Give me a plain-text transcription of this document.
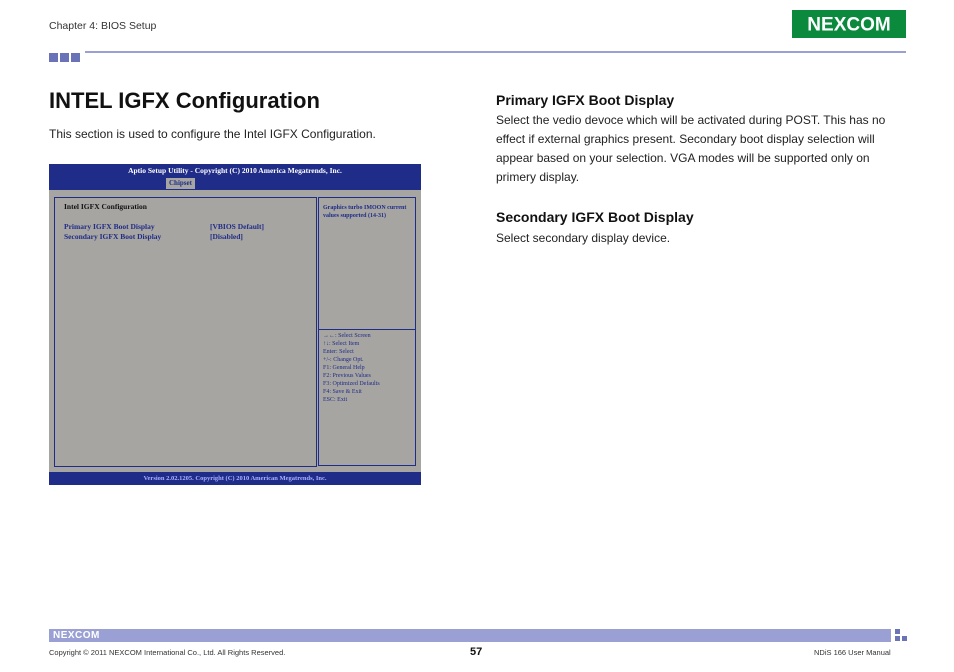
Chapter 4: BIOS Setup	NEXCOM
INTEL IGFX Configuration
This section is used to configure the Intel IGFX Configuration.
Aptio Setup Utility - Copyright (C) 2010 America Megatrends, Inc.
Chipset
Intel IGFX Configuration
Primary IGFX Boot Display	[VBIOS Default]
Secondary IGFX Boot Display	[Disabled]
Graphics turbo IMOON current values supported (14-31)
→←: Select Screen
↑↓: Select Item
Enter: Select
+/-: Change Opt.
F1: General Help
F2: Previous Values
F3: Optimized Defaults
F4: Save & Exit
ESC: Exit
Version 2.02.1205. Copyright (C) 2010 American Megatrends, Inc.
Primary IGFX Boot Display

Select the vedio devoce which will be activated during POST. This has no effect if external graphics present. Secondary boot display selection will appear based on your selection. VGA modes will be supported only on primery display.

Secondary IGFX Boot Display

Select secondary display device.

NEXCOM
Copyright © 2011 NEXCOM International Co., Ltd. All Rights Reserved.	57	NDiS 166 User Manual
